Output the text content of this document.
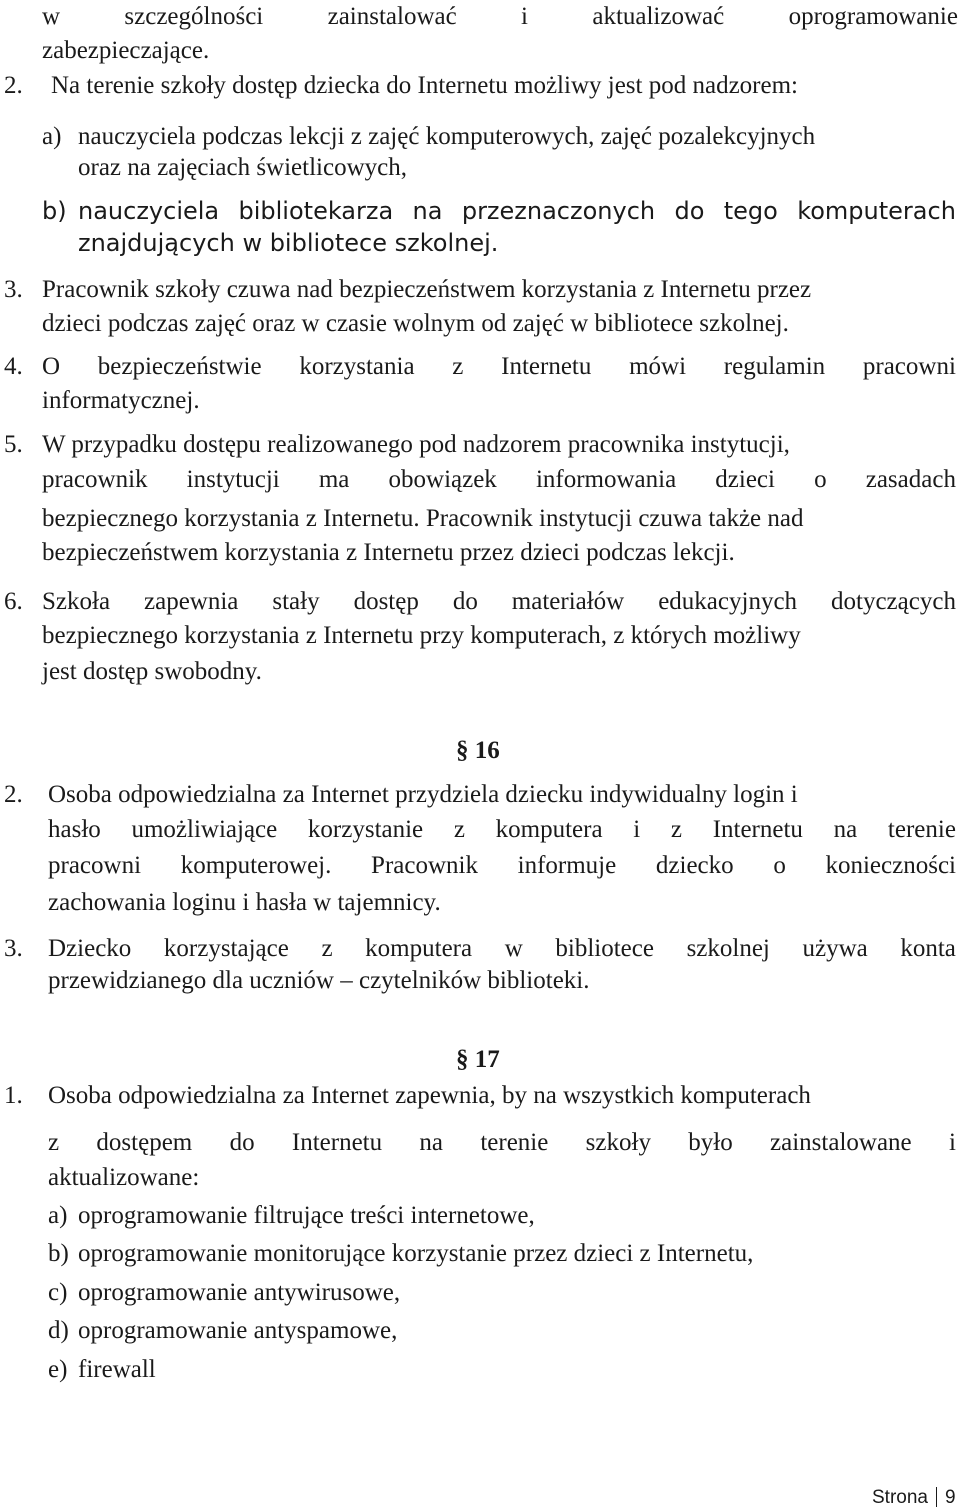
w	szczególności	zainstalować	i	aktualizować	oprogramowanie
zabezpieczające.
2. Na terenie szkoły dostęp dziecka do Internetu możliwy jest pod nadzorem:
a) nauczyciela podczas lekcji z zajęć komputerowych, zajęć pozalekcyjnych
oraz na zajęciach świetlicowych,
b) nauczyciela bibliotekarza na przeznaczonych do tego komputerach
znajdujących w bibliotece szkolnej.
3. Pracownik szkoły czuwa nad bezpieczeństwem korzystania z Internetu przez
dzieci podczas zajęć oraz w czasie wolnym od zajęć w bibliotece szkolnej.
4. O bezpieczeństwie korzystania z Internetu mówi regulamin pracowni
informatycznej.
5. W przypadku dostępu realizowanego pod nadzorem pracownika instytucji,
pracownik instytucji ma obowiązek informowania dzieci o zasadach
bezpiecznego korzystania z Internetu. Pracownik instytucji czuwa także nad
bezpieczeństwem korzystania z Internetu przez dzieci podczas lekcji.
6. Szkoła zapewnia stały dostęp do materiałów edukacyjnych dotyczących
bezpiecznego korzystania z Internetu przy komputerach, z których możliwy
jest dostęp swobodny.
§ 16
2. Osoba odpowiedzialna za Internet przydziela dziecku indywidualny login i
hasło umożliwiające korzystanie z komputera i z Internetu na terenie
pracowni komputerowej. Pracownik informuje dziecko o konieczności
zachowania loginu i hasła w tajemnicy.
3. Dziecko korzystające z komputera w bibliotece szkolnej używa konta
przewidzianego dla uczniów – czytelników biblioteki.
§ 17
1. Osoba odpowiedzialna za Internet zapewnia, by na wszystkich komputerach
z dostępem do Internetu na terenie szkoły było zainstalowane i
aktualizowane:
a) oprogramowanie filtrujące treści internetowe,
b) oprogramowanie monitorujące korzystanie przez dzieci z Internetu,
c) oprogramowanie antywirusowe,
d) oprogramowanie antyspamowe,
e) firewall
Strona 9
